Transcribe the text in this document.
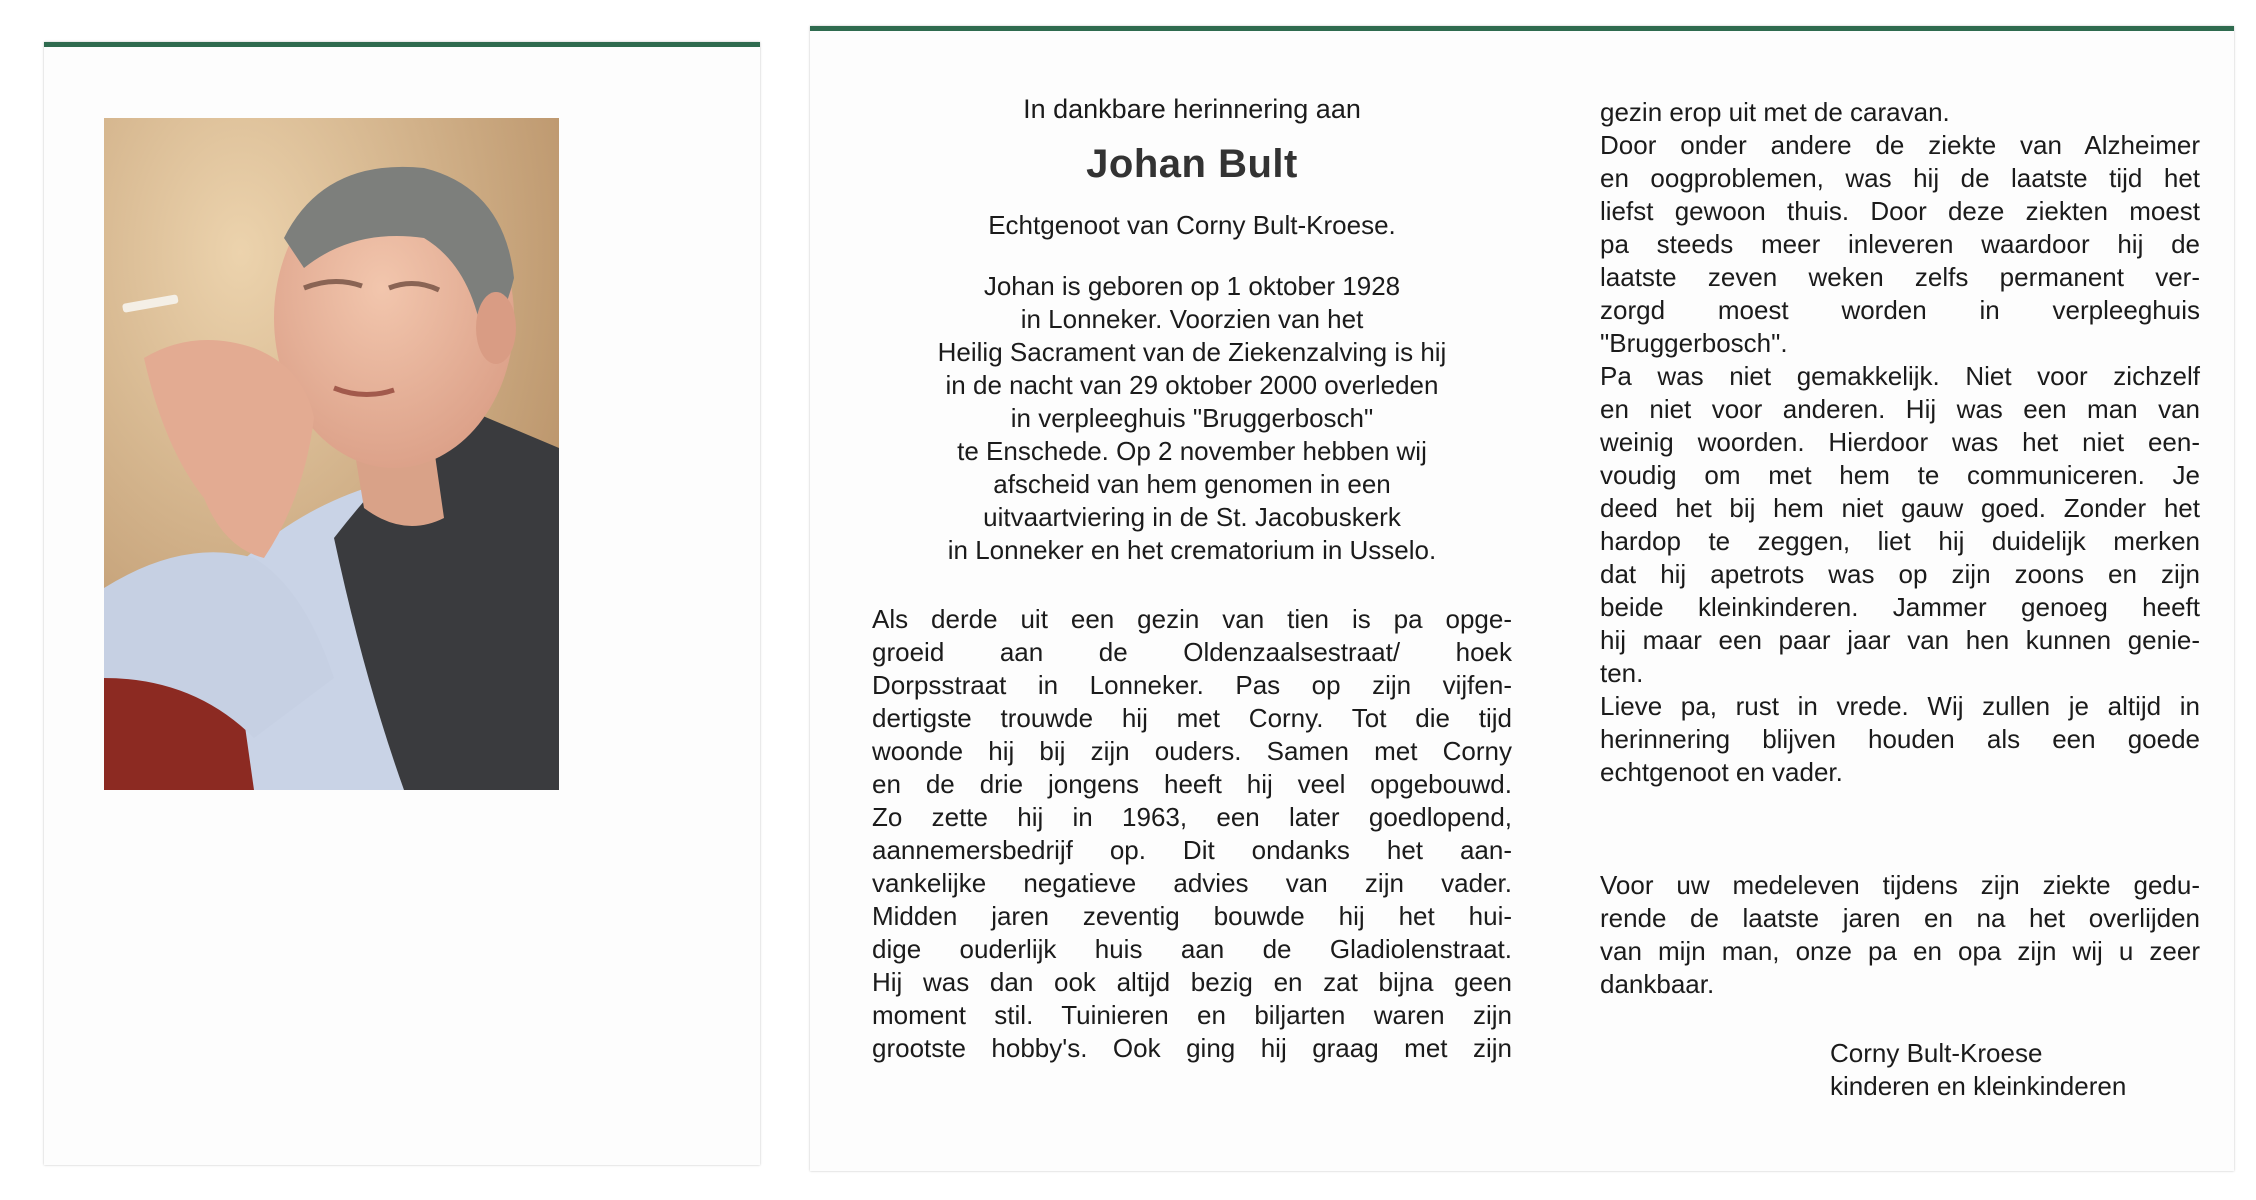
In dankbare herinnering aan
Johan Bult
Echtgenoot van Corny Bult-Kroese.
Johan is geboren op 1 oktober 1928
in Lonneker. Voorzien van het
Heilig Sacrament van de Ziekenzalving is hij
in de nacht van 29 oktober 2000 overleden
in verpleeghuis "Bruggerbosch"
te Enschede. Op 2 november hebben wij
afscheid van hem genomen in een
uitvaartviering in de St. Jacobuskerk
in Lonneker en het crematorium in Usselo.
Als derde uit een gezin van tien is pa opge-
groeid aan de Oldenzaalsestraat/ hoek
Dorpsstraat in Lonneker. Pas op zijn vijfen-
dertigste trouwde hij met Corny. Tot die tijd
woonde hij bij zijn ouders. Samen met Corny
en de drie jongens heeft hij veel opgebouwd.
Zo zette hij in 1963, een later goedlopend,
aannemersbedrijf op. Dit ondanks het aan-
vankelijke negatieve advies van zijn vader.
Midden jaren zeventig bouwde hij het hui-
dige ouderlijk huis aan de Gladiolenstraat.
Hij was dan ook altijd bezig en zat bijna geen
moment stil. Tuinieren en biljarten waren zijn
grootste hobby's. Ook ging hij graag met zijn
gezin erop uit met de caravan.
Door onder andere de ziekte van Alzheimer
en oogproblemen, was hij de laatste tijd het
liefst gewoon thuis. Door deze ziekten moest
pa steeds meer inleveren waardoor hij de
laatste zeven weken zelfs permanent ver-
zorgd moest worden in verpleeghuis
"Bruggerbosch".
Pa was niet gemakkelijk. Niet voor zichzelf
en niet voor anderen. Hij was een man van
weinig woorden. Hierdoor was het niet een-
voudig om met hem te communiceren. Je
deed het bij hem niet gauw goed. Zonder het
hardop te zeggen, liet hij duidelijk merken
dat hij apetrots was op zijn zoons en zijn
beide kleinkinderen. Jammer genoeg heeft
hij maar een paar jaar van hen kunnen genie-
ten.
Lieve pa, rust in vrede. Wij zullen je altijd in
herinnering blijven houden als een goede
echtgenoot en vader.
Voor uw medeleven tijdens zijn ziekte gedu-
rende de laatste jaren en na het overlijden
van mijn man, onze pa en opa zijn wij u zeer
dankbaar.
Corny Bult-Kroese
kinderen en kleinkinderen
